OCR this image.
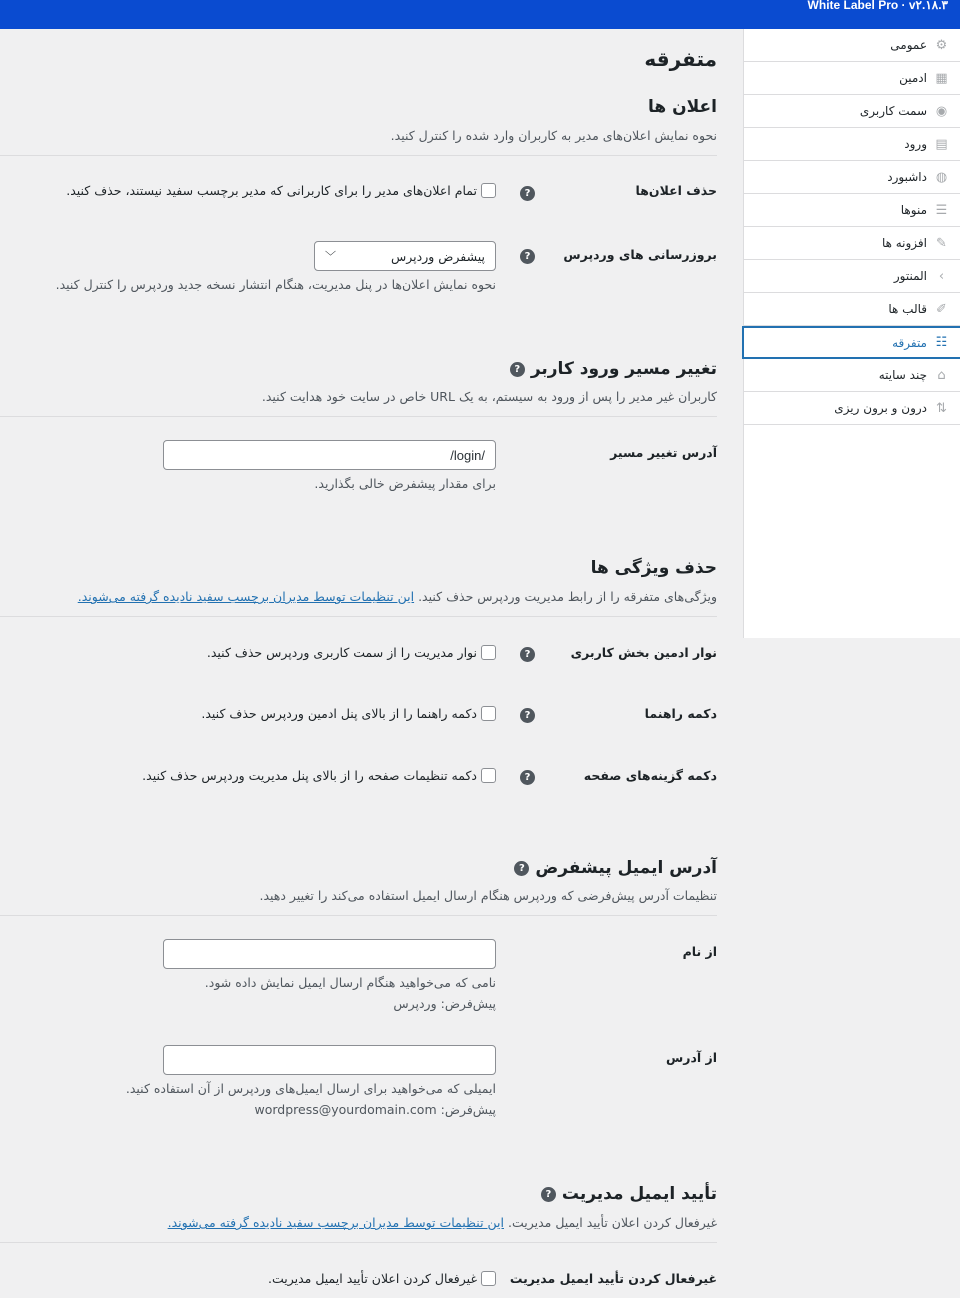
White Label Pro · v۲.۱۸.۳
⚙
عمومی
▦
ادمین
◉
سمت کاربری
▤
ورود
◍
داشبورد
☰
منوها
✎
افزونه ها
›
المنتور
✐
قالب ها
☷
متفرقه
⌂
چند سایته
⇅
درون و برون ریزی
متفرقه
اعلان ها
نحوه نمایش اعلان‌های مدیر به کاربران وارد شده را کنترل کنید.
حذف اعلان‌ها
?
تمام اعلان‌های مدیر را برای کاربرانی که مدیر برچسب سفید نیستند، حذف کنید.
بروزرسانی های وردپرس
?
پیشفرض وردپرس
﹀
نحوه نمایش اعلان‌ها در پنل مدیریت، هنگام انتشار نسخه جدید وردپرس را کنترل کنید.
تغییر مسیر ورود کاربر
?
کاربران غیر مدیر را پس از ورود به سیستم، به یک URL خاص در سایت خود هدایت کنید.
آدرس تغییر مسیر
/login/
برای مقدار پیشفرض خالی بگذارید.
حذف ویژگی ها
ویژگی‌های متفرقه را از رابط مدیریت وردپرس حذف کنید. این تنظیمات توسط مدیران برچسب سفید نادیده گرفته می‌شوند.
نوار ادمین بخش کاربری
?
نوار مدیریت را از سمت کاربری وردپرس حذف کنید.
دکمه راهنما
?
دکمه راهنما را از بالای پنل ادمین وردپرس حذف کنید.
دکمه گزینه‌های صفحه
?
دکمه تنظیمات صفحه را از بالای پنل مدیریت وردپرس حذف کنید.
آدرس ایمیل پیشفرض
?
تنظیمات آدرس پیش‌فرضی که وردپرس هنگام ارسال ایمیل استفاده می‌کند را تغییر دهید.
از نام
نامی که می‌خواهید هنگام ارسال ایمیل نمایش داده شود.
پیش‌فرض: وردپرس
از آدرس
ایمیلی که می‌خواهید برای ارسال ایمیل‌های وردپرس از آن استفاده کنید.
پیش‌فرض: wordpress@yourdomain.com
تأیید ایمیل مدیریت
?
غیرفعال کردن اعلان تأیید ایمیل مدیریت. این تنظیمات توسط مدیران برچسب سفید نادیده گرفته می‌شوند.
غیرفعال کردن تأیید ایمیل مدیریت
غیرفعال کردن اعلان تأیید ایمیل مدیریت.
